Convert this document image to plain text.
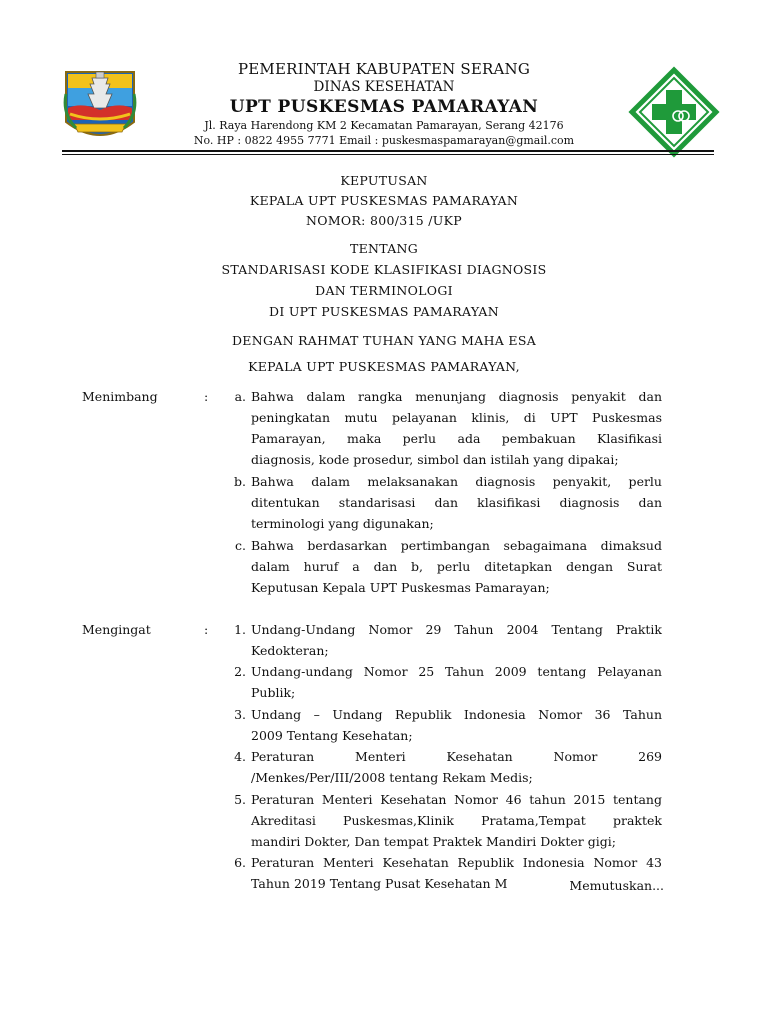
PEMERINTAH KABUPATEN SERANG
DINAS KESEHATAN
UPT PUSKESMAS PAMARAYAN
Jl. Raya Harendong KM 2 Kecamatan Pamarayan, Serang 42176
No. HP : 0822 4955 7771 Email : puskesmaspamarayan@gmail.com
KEPUTUSAN
KEPALA UPT PUSKESMAS PAMARAYAN
NOMOR: 800/315 /UKP
TENTANG
STANDARISASI KODE KLASIFIKASI DIAGNOSIS
DAN TERMINOLOGI
DI UPT PUSKESMAS PAMARAYAN
DENGAN RAHMAT TUHAN YANG MAHA ESA
KEPALA UPT PUSKESMAS PAMARAYAN,
Menimbang	:	a. Bahwa dalam rangka menunjang diagnosis penyakit dan
peningkatan mutu pelayanan klinis, di UPT Puskesmas
Pamarayan, maka perlu ada pembakuan Klasifikasi
diagnosis, kode prosedur, simbol dan istilah yang dipakai;
b. Bahwa dalam melaksanakan diagnosis penyakit, perlu
ditentukan standarisasi dan klasifikasi diagnosis dan
terminologi yang digunakan;
c. Bahwa berdasarkan pertimbangan sebagaimana dimaksud
dalam huruf a dan b, perlu ditetapkan dengan Surat
Keputusan Kepala UPT Puskesmas Pamarayan;
Mengingat	:	1. Undang-Undang Nomor 29 Tahun 2004 Tentang Praktik
Kedokteran;
2. Undang-undang Nomor 25 Tahun 2009 tentang Pelayanan
Publik;
3. Undang – Undang Republik Indonesia Nomor 36 Tahun
2009 Tentang Kesehatan;
4. Peraturan Menteri Kesehatan Nomor 269
/Menkes/Per/III/2008 tentang Rekam Medis;
5. Peraturan Menteri Kesehatan Nomor 46 tahun 2015 tentang
Akreditasi Puskesmas,Klinik Pratama,Tempat praktek
mandiri Dokter, Dan tempat Praktek Mandiri Dokter gigi;
6. Peraturan Menteri Kesehatan Republik Indonesia Nomor 43
Tahun 2019 Tentang Pusat Kesehatan M	Memutuskan...
